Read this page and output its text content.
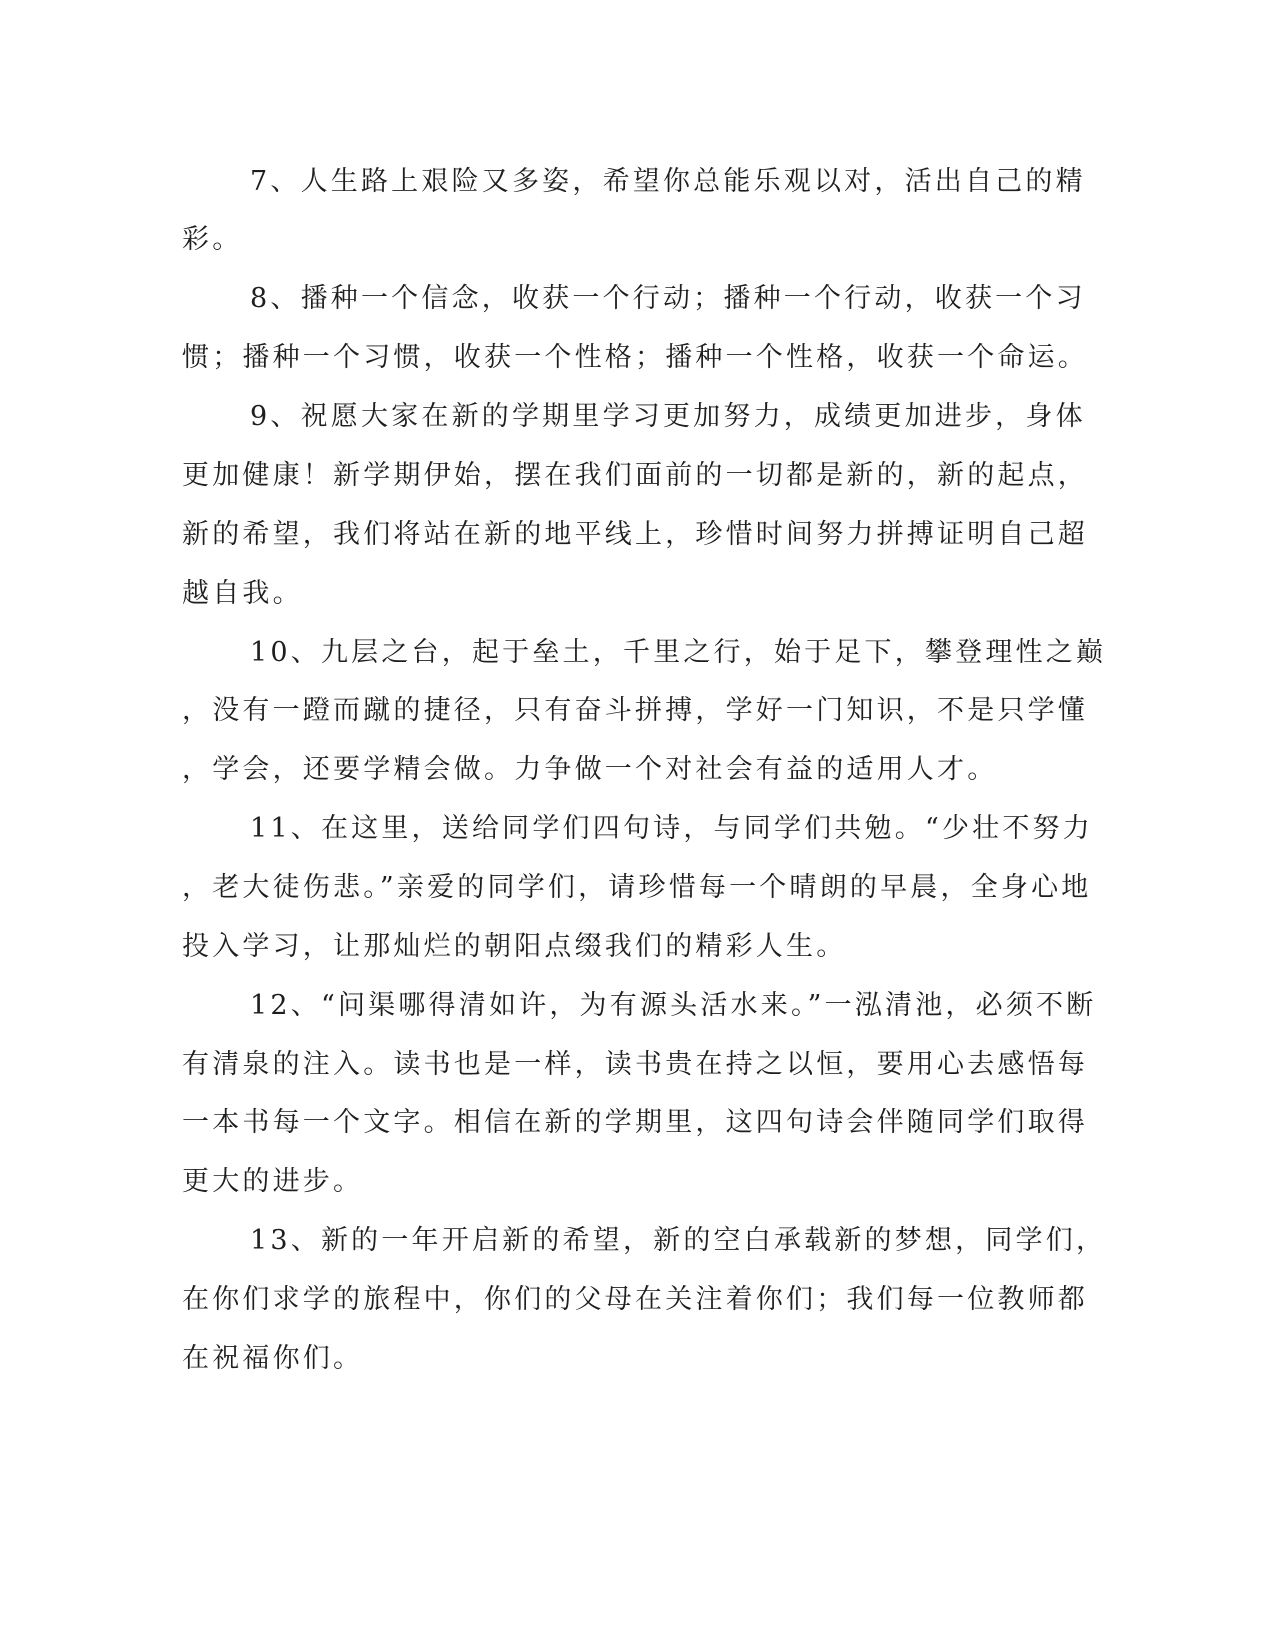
7、人生路上艰险又多姿，希望你总能乐观以对，活出自己的精

彩。

8、播种一个信念，收获一个行动；播种一个行动，收获一个习

惯；播种一个习惯，收获一个性格；播种一个性格，收获一个命运。

9、祝愿大家在新的学期里学习更加努力，成绩更加进步，身体

更加健康！新学期伊始，摆在我们面前的一切都是新的，新的起点，

新的希望，我们将站在新的地平线上，珍惜时间努力拼搏证明自己超

越自我。

10、九层之台，起于垒土，千里之行，始于足下，攀登理性之巅

，没有一蹬而蹴的捷径，只有奋斗拼搏，学好一门知识，不是只学懂

，学会，还要学精会做。力争做一个对社会有益的适用人才。

11、在这里，送给同学们四句诗，与同学们共勉。“少壮不努力

，老大徒伤悲。”亲爱的同学们，请珍惜每一个晴朗的早晨，全身心地

投入学习，让那灿烂的朝阳点缀我们的精彩人生。

12、“问渠哪得清如许，为有源头活水来。”一泓清池，必须不断

有清泉的注入。读书也是一样，读书贵在持之以恒，要用心去感悟每

一本书每一个文字。相信在新的学期里，这四句诗会伴随同学们取得

更大的进步。

13、新的一年开启新的希望，新的空白承载新的梦想，同学们，

在你们求学的旅程中，你们的父母在关注着你们；我们每一位教师都

在祝福你们。
